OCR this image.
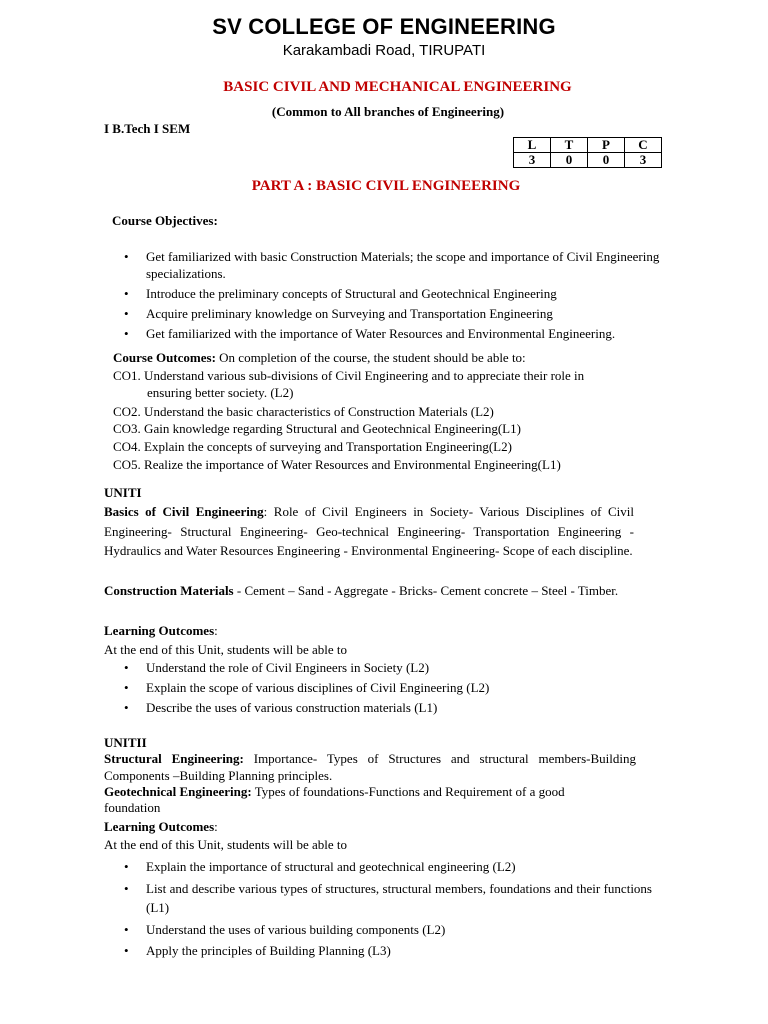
SV COLLEGE OF ENGINEERING
Karakambadi Road, TIRUPATI
BASIC CIVIL AND MECHANICAL ENGINEERING
(Common to All branches of Engineering)
I B.Tech I SEM
L	T	P	C
3	0	0	3
PART A : BASIC CIVIL ENGINEERING
Course Objectives:
• Get familiarized with basic Construction Materials; the scope and importance of Civil Engineering specializations.
• Introduce the preliminary concepts of Structural and Geotechnical Engineering
• Acquire preliminary knowledge on Surveying and Transportation Engineering
• Get familiarized with the importance of Water Resources and Environmental Engineering.
Course Outcomes: On completion of the course, the student should be able to:
CO1. Understand various sub-divisions of Civil Engineering and to appreciate their role in
ensuring better society. (L2)
CO2. Understand the basic characteristics of Construction Materials (L2)
CO3. Gain knowledge regarding Structural and Geotechnical Engineering(L1)
CO4. Explain the concepts of surveying and Transportation Engineering(L2)
CO5. Realize the importance of Water Resources and Environmental Engineering(L1)
UNITI
Basics of Civil Engineering: Role of Civil Engineers in Society- Various Disciplines of Civil Engineering- Structural Engineering- Geo-technical Engineering- Transportation Engineering - Hydraulics and Water Resources Engineering - Environmental Engineering- Scope of each discipline.
Construction Materials - Cement – Sand - Aggregate - Bricks- Cement concrete – Steel - Timber.
Learning Outcomes:
At the end of this Unit, students will be able to
• Understand the role of Civil Engineers in Society (L2)
• Explain the scope of various disciplines of Civil Engineering (L2)
• Describe the uses of various construction materials (L1)
UNITII
Structural Engineering: Importance- Types of Structures and structural members-Building Components –Building Planning principles.
Geotechnical Engineering: Types of foundations-Functions and Requirement of a good foundation
Learning Outcomes:
At the end of this Unit, students will be able to
• Explain the importance of structural and geotechnical engineering (L2)
• List and describe various types of structures, structural members, foundations and their functions (L1)
• Understand the uses of various building components (L2)
• Apply the principles of Building Planning (L3)
